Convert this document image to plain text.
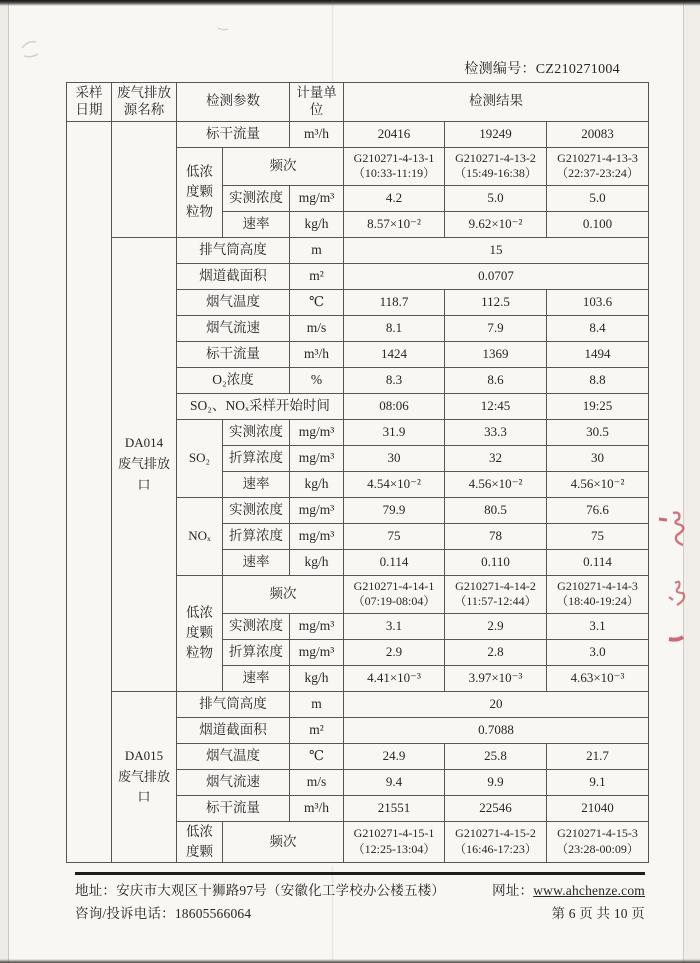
检测编号：CZ210271004
采样日期	废气排放源名称	检测参数		计量单位	检测结果		
		标干流量		m³/h	20416	19249	20083
		低浓度颗粒物	频次		G210271-4-13-1（10:33-11:19）	G210271-4-13-2（15:49-16:38）	G210271-4-13-3（22:37-23:24）
			实测浓度	mg/m³	4.2	5.0	5.0
			速率	kg/h	8.57×10⁻²	9.62×10⁻²	0.100
	DA014 废气排放口	排气筒高度		m	15		
		烟道截面积		m²	0.0707		
		烟气温度		℃	118.7	112.5	103.6
		烟气流速		m/s	8.1	7.9	8.4
		标干流量		m³/h	1424	1369	1494
		O₂浓度		%	8.3	8.6	8.8
		SO₂、NOₓ采样开始时间			08:06	12:45	19:25
		SO₂	实测浓度	mg/m³	31.9	33.3	30.5
			折算浓度	mg/m³	30	32	30
			速率	kg/h	4.54×10⁻²	4.56×10⁻²	4.56×10⁻²
		NOₓ	实测浓度	mg/m³	79.9	80.5	76.6
			折算浓度	mg/m³	75	78	75
			速率	kg/h	0.114	0.110	0.114
		低浓度颗粒物	频次		G210271-4-14-1（07:19-08:04）	G210271-4-14-2（11:57-12:44）	G210271-4-14-3（18:40-19:24）
			实测浓度	mg/m³	3.1	2.9	3.1
			折算浓度	mg/m³	2.9	2.8	3.0
			速率	kg/h	4.41×10⁻³	3.97×10⁻³	4.63×10⁻³
	DA015 废气排放口	排气筒高度		m	20		
		烟道截面积		m²	0.7088		
		烟气温度		℃	24.9	25.8	21.7
		烟气流速		m/s	9.4	9.9	9.1
		标干流量		m³/h	21551	22546	21040
		低浓度颗	频次		G210271-4-15-1（12:25-13:04）	G210271-4-15-2（16:46-17:23）	G210271-4-15-3（23:28-00:09）
地址：安庆市大观区十狮路97号（安徽化工学校办公楼五楼）	网址：www.ahchenze.com
咨询/投诉电话：18605566064	第 6 页 共 10 页
